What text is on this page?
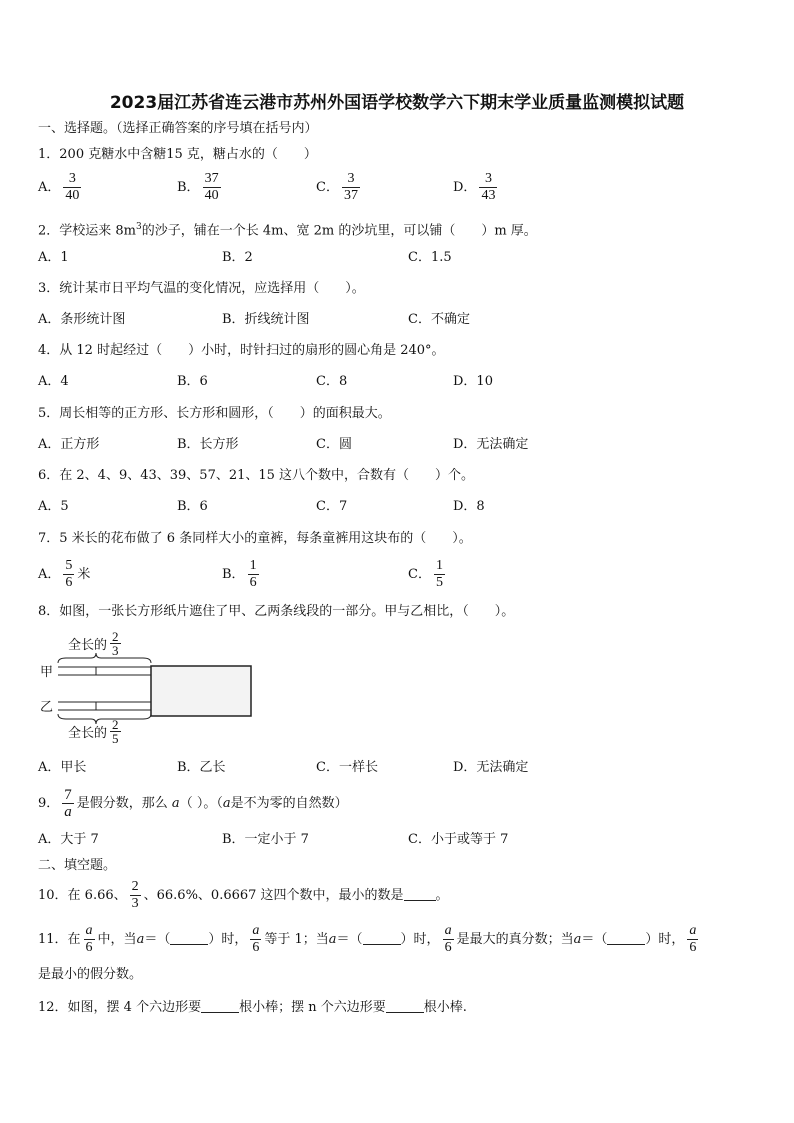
2023届江苏省连云港市苏州外国语学校数学六下期末学业质量监测模拟试题
一、选择题。（选择正确答案的序号填在括号内）
1．200 克糖水中含糖15 克，糖占水的（　　）
A． $\frac{3}{40}$	B． $\frac{37}{40}$	C． $\frac{3}{37}$	D． $\frac{3}{43}$
2．学校运来 $8m^3$的沙子，铺在一个长 4m、宽 2m 的沙坑里，可以铺（　　）m 厚。
A．1	B．2	C．1.5
3．统计某市日平均气温的变化情况，应选择用（　　）。
A．条形统计图	B．折线统计图	C．不确定
4．从 12 时起经过（　　）小时，时针扫过的扇形的圆心角是 240°。
A．4	B．6	C．8	D．10
5．周长相等的正方形、长方形和圆形，（　　）的面积最大。
A．正方形	B．长方形	C．圆	D．无法确定
6．在 2、4、9、43、39、57、21、15 这八个数中，合数有（　　）个。
A．5	B．6	C．7	D．8
7．5 米长的花布做了 6 条同样大小的童裤，每条童裤用这块布的（　　）。
A． $\frac{5}{6}$ 米	B． $\frac{1}{6}$	C． $\frac{1}{5}$
8．如图，一张长方形纸片遮住了甲、乙两条线段的一部分。甲与乙相比，（　　）。
甲
乙
全长的 $\frac{2}{3}$
全长的 $\frac{2}{5}$
A．甲长	B．乙长	C．一样长	D．无法确定
9． $\frac{7}{a}$ 是假分数，那么 a（ ）。（a是不为零的自然数）
A．大于 7	B．一定小于 7	C．小于或等于 7
二、填空题。
10．在 6.66、 $\frac{2}{3}$ 、66.6%、0.6667 这四个数中，最小的数是 。
11．在 $\frac{a}{6}$ 中，当a＝（	）时， $\frac{a}{6}$ 等于 1；当a＝（	）时， $\frac{a}{6}$ 是最大的真分数；当a＝（	）时， $\frac{a}{6}$
是最小的假分数。
12．如图，摆 4 个六边形要	根小棒；摆 n 个六边形要	根小棒.
